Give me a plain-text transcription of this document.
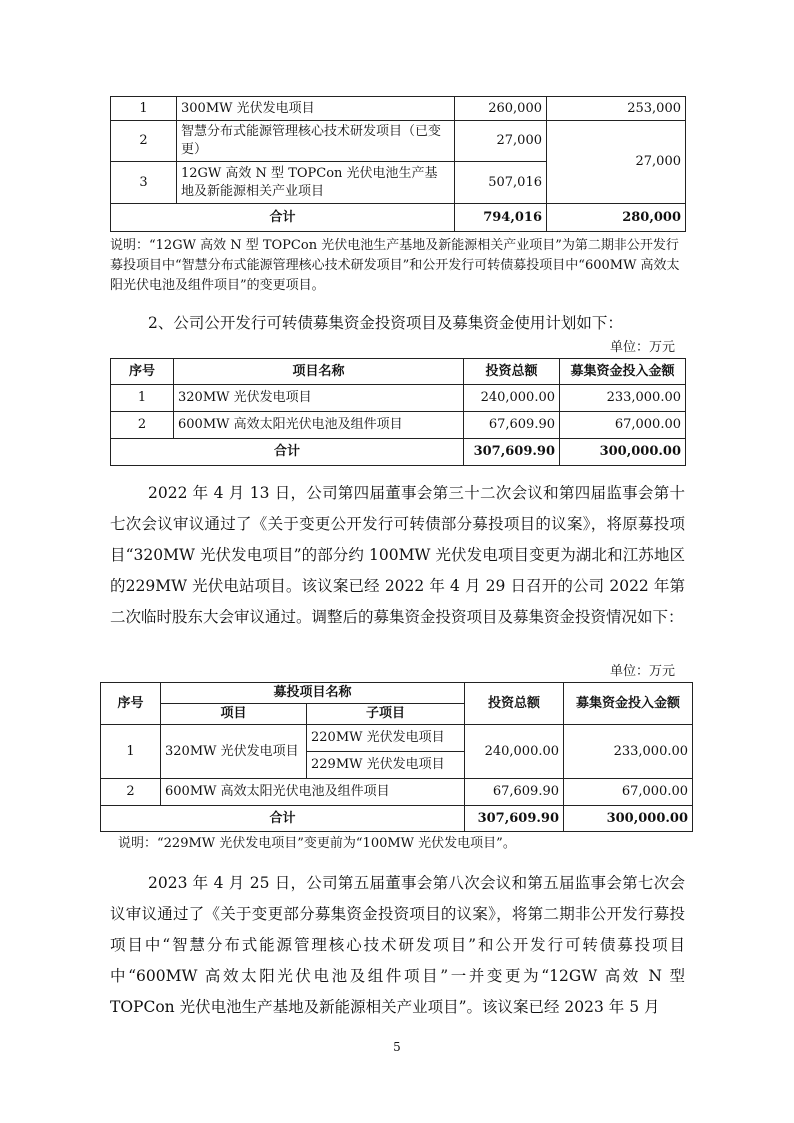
1	300MW 光伏发电项目	260,000	253,000
2	智慧分布式能源管理核心技术研发项目（已变更）	27,000	27,000
3	12GW 高效 N 型 TOPCon 光伏电池生产基地及新能源相关产业项目	507,016	
合计		794,016	280,000
说明：“12GW 高效 N 型 TOPCon 光伏电池生产基地及新能源相关产业项目”为第二期非公开发行募投项目中“智慧分布式能源管理核心技术研发项目”和公开发行可转债募投项目中“600MW 高效太阳光伏电池及组件项目”的变更项目。
2、公司公开发行可转债募集资金投资项目及募集资金使用计划如下：
单位：万元
序号	项目名称	投资总额	募集资金投入金额
1	320MW 光伏发电项目	240,000.00	233,000.00
2	600MW 高效太阳光伏电池及组件项目	67,609.90	67,000.00
合计		307,609.90	300,000.00
2022 年 4 月 13 日，公司第四届董事会第三十二次会议和第四届监事会第十七次会议审议通过了《关于变更公开发行可转债部分募投项目的议案》，将原募投项目“320MW 光伏发电项目”的部分约 100MW 光伏发电项目变更为湖北和江苏地区的229MW 光伏电站项目。该议案已经 2022 年 4 月 29 日召开的公司 2022 年第二次临时股东大会审议通过。调整后的募集资金投资项目及募集资金投资情况如下：
单位：万元
序号	募投项目名称		投资总额	募集资金投入金额
	项目	子项目		
1	320MW 光伏发电项目	220MW 光伏发电项目	240,000.00	233,000.00
		229MW 光伏发电项目		
2	600MW 高效太阳光伏电池及组件项目		67,609.90	67,000.00
合计			307,609.90	300,000.00
说明：“229MW 光伏发电项目”变更前为“100MW 光伏发电项目”。
2023 年 4 月 25 日，公司第五届董事会第八次会议和第五届监事会第七次会议审议通过了《关于变更部分募集资金投资项目的议案》，将第二期非公开发行募投项目中“智慧分布式能源管理核心技术研发项目”和公开发行可转债募投项目中“600MW 高效太阳光伏电池及组件项目”一并变更为“12GW 高效 N 型 TOPCon 光伏电池生产基地及新能源相关产业项目”。该议案已经 2023 年 5 月
5
